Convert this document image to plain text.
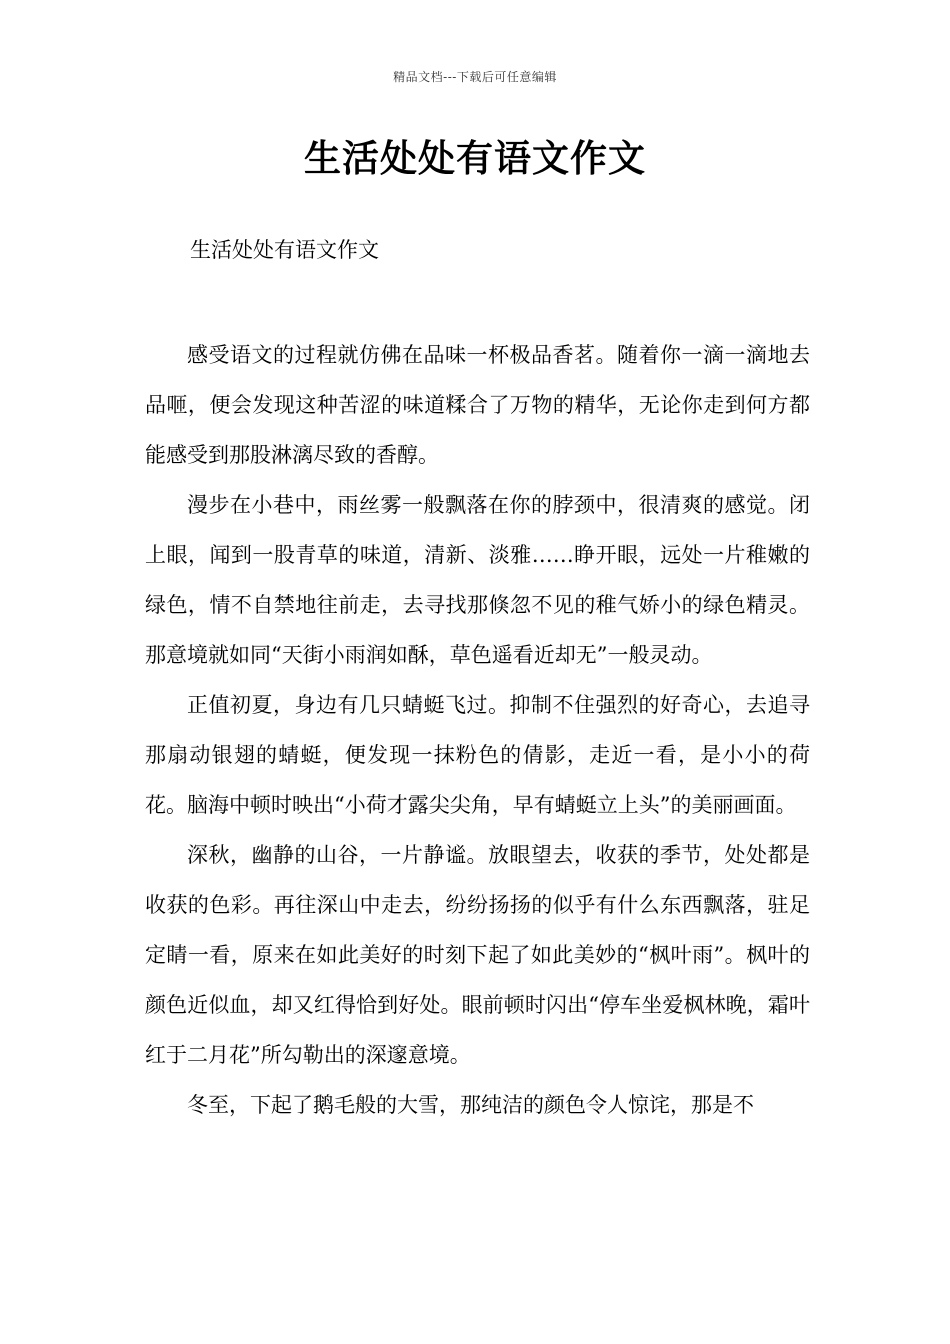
精品文档---下载后可任意编辑
生活处处有语文作文

生活处处有语文作文

感受语文的过程就仿佛在品味一杯极品香茗。随着你一滴一滴地去品咂，便会发现这种苦涩的味道糅合了万物的精华，无论你走到何方都能感受到那股淋漓尽致的香醇。

漫步在小巷中，雨丝雾一般飘落在你的脖颈中，很清爽的感觉。闭上眼，闻到一股青草的味道，清新、淡雅……睁开眼，远处一片稚嫩的绿色，情不自禁地往前走，去寻找那倏忽不见的稚气娇小的绿色精灵。那意境就如同“天街小雨润如酥，草色遥看近却无”一般灵动。

正值初夏，身边有几只蜻蜓飞过。抑制不住强烈的好奇心，去追寻那扇动银翅的蜻蜓，便发现一抹粉色的倩影，走近一看，是小小的荷花。脑海中顿时映出“小荷才露尖尖角，早有蜻蜓立上头”的美丽画面。

深秋，幽静的山谷，一片静谧。放眼望去，收获的季节，处处都是收获的色彩。再往深山中走去，纷纷扬扬的似乎有什么东西飘落，驻足定睛一看，原来在如此美好的时刻下起了如此美妙的“枫叶雨”。枫叶的颜色近似血，却又红得恰到好处。眼前顿时闪出“停车坐爱枫林晚，霜叶红于二月花”所勾勒出的深邃意境。

冬至，下起了鹅毛般的大雪，那纯洁的颜色令人惊诧，那是不
